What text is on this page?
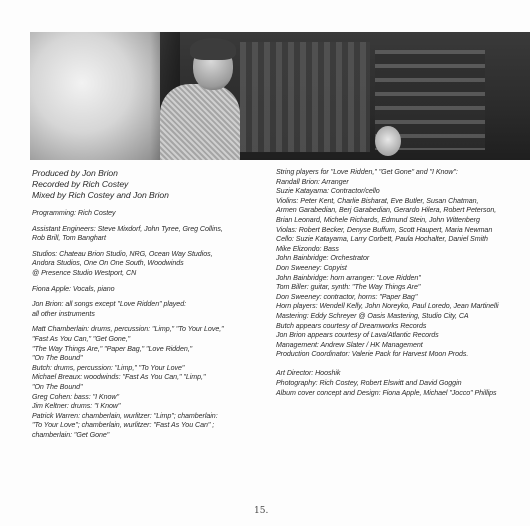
Produced by Jon Brion
Recorded by Rich Costey
Mixed by Rich Costey and Jon Brion
Programming: Rich Costey
Assistant Engineers: Steve Mixdorf, John Tyree, Greg Collins,
Rob Brill, Tom Banghart
Studios: Chateau Brion Studio, NRG, Ocean Way Studios,
Andora Studios, One On One South, Woodwinds
@ Presence Studio Westport, CN
Fiona Apple: Vocals, piano
Jon Brion: all songs except "Love Ridden" played:
all other instruments
Matt Chamberlain: drums, percussion: "Limp," "To Your Love,"
"Fast As You Can," "Get Gone,"
"The Way Things Are," "Paper Bag," "Love Ridden,"
"On The Bound"
Butch: drums, percussion: "Limp," "To Your Love"
Michael Breaux: woodwinds: "Fast As You Can," "Limp,"
"On The Bound"
Greg Cohen: bass: "I Know"
Jim Keltner: drums: "I Know"
Patrick Warren: chamberlain, wurlitzer: "Limp"; chamberlain:
"To Your Love"; chamberlain, wurlitzer: "Fast As You Can" ;
chamberlain: "Get Gone"
String players for "Love Ridden," "Get Gone" and "I Know":
Randall Brion: Arranger
Suzie Katayama: Contractor/cello
Violins: Peter Kent, Charlie Bisharat, Eve Butler, Susan Chatman,
Armen Garabedian, Berj Garabedian, Gerardo Hilera, Robert Peterson,
Brian Leonard, Michele Richards, Edmund Stein, John Wittenberg
Violas: Robert Becker, Denyse Buffum, Scott Haupert, Maria Newman
Cello: Suzie Katayama, Larry Corbett, Paula Hochalter, Daniel Smith
Mike Elizondo: Bass
John Bainbridge: Orchestrator
Don Sweeney: Copyist
John Bainbridge: horn arranger: "Love Ridden"
Tom Biller: guitar, synth: "The Way Things Are"
Don Sweeney: contractor, horns: "Paper Bag"
Horn players: Wendell Kelly, John Noreyko, Paul Loredo, Jean Martinelli
Mastering: Eddy Schreyer @ Oasis Mastering, Studio City, CA
Butch appears courtesy of Dreamworks Records
Jon Brion appears courtesy of Lava/Atlantic Records
Management: Andrew Slater / HK Management
Production Coordinator: Valerie Pack for Harvest Moon Prods.

Art Director: Hooshik
Photography: Rich Costey, Robert Elswitt and David Goggin
Album cover concept and Design: Fiona Apple, Michael "Jocco" Phillips
15.
